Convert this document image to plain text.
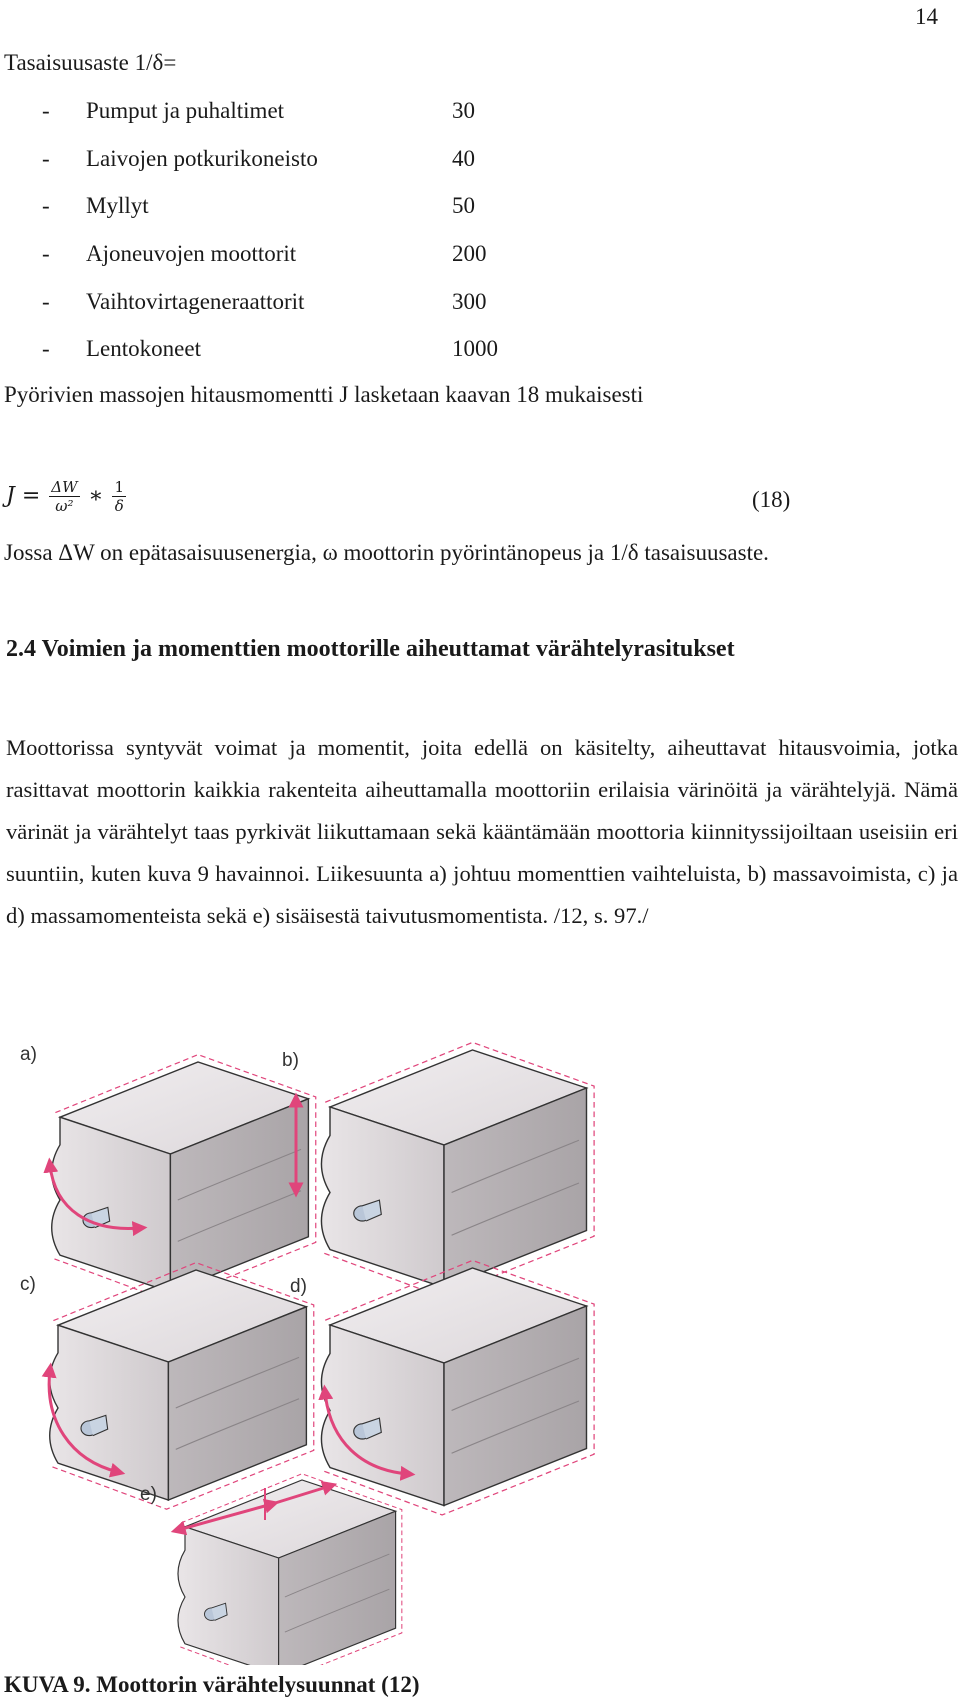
14
Tasaisuusaste 1/δ=
- Pumput ja puhaltimet	30
- Laivojen potkurikoneisto	40
- Myllyt	50
- Ajoneuvojen moottorit	200
- Vaihtovirtageneraattorit	300
- Lentokoneet	1000
Pyörivien massojen hitausmomentti J lasketaan kaavan 18 mukaisesti
$J = \frac{\Delta W}{\text{ω²}}$ ∗ $\frac{1}{\delta}$	(18)
Jossa ΔW on epätasaisuusenergia, ω moottorin pyörintänopeus ja 1/δ tasaisuusaste.
2.4 Voimien ja momenttien moottorille aiheuttamat värähtelyrasitukset
Moottorissa syntyvät voimat ja momentit, joita edellä on käsitelty, aiheuttavat hitausvoimia, jotka rasittavat moottorin kaikkia rakenteita aiheuttamalla moottoriin erilaisia värinöitä ja värähtelyjä. Nämä värinät ja värähtelyt taas pyrkivät liikuttamaan sekä kääntämään moottoria kiinnityssijoiltaan useisiin eri suuntiin, kuten kuva 9 havainnoi. Liikesuunta a) johtuu momenttien vaihteluista, b) massavoimista, c) ja d) massamomenteista sekä e) sisäisestä taivutusmomentista. /12, s. 97./
a)	b)
c)	d)
e)
KUVA 9. Moottorin värähtelysuunnat (12)
